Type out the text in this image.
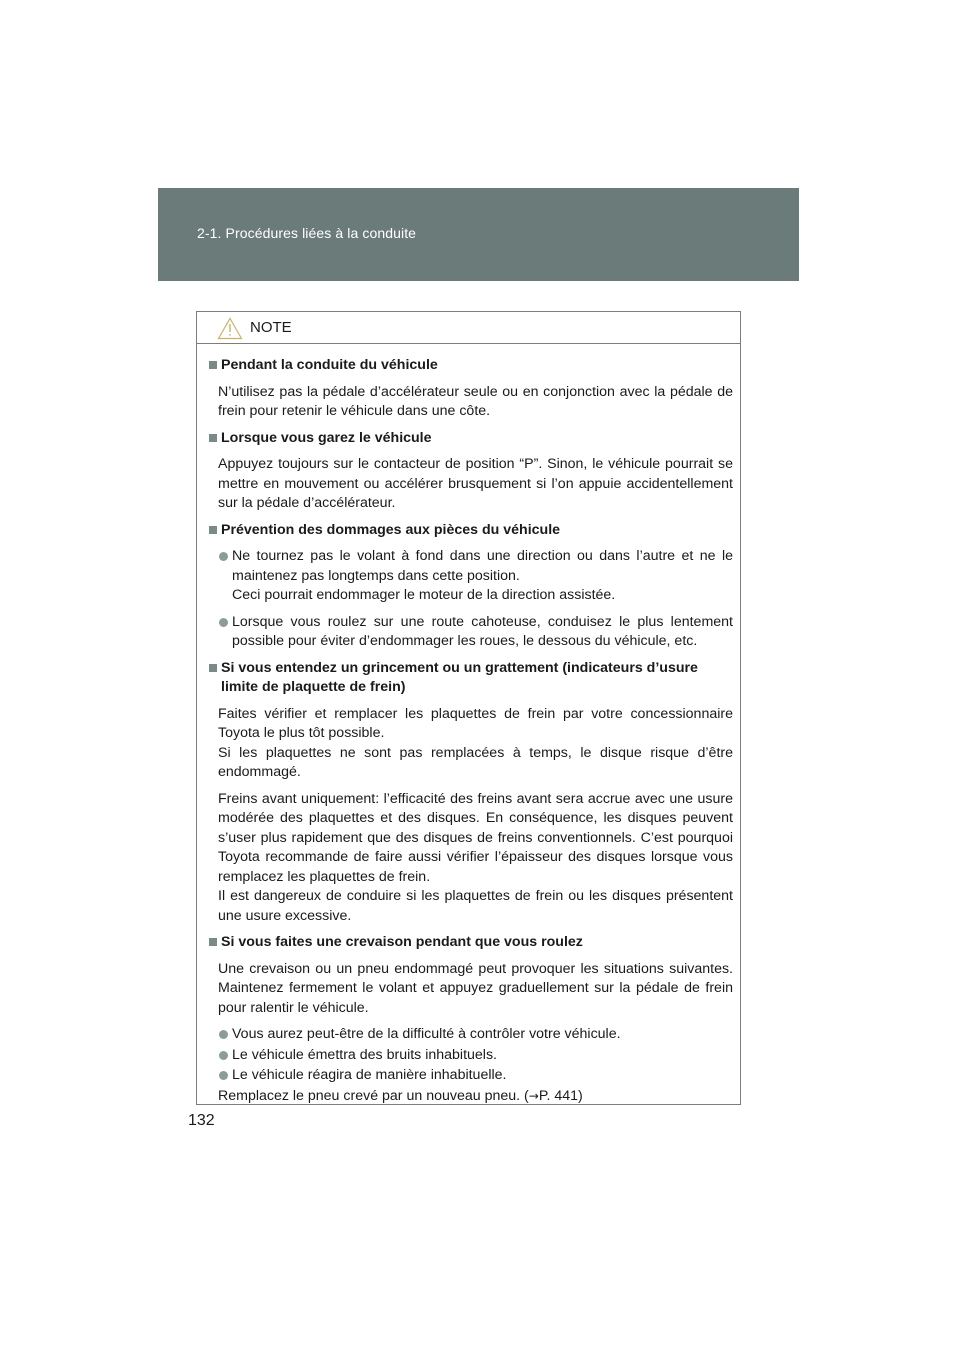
2-1. Procédures liées à la conduite
NOTE
Pendant la conduite du véhicule
N’utilisez pas la pédale d’accélérateur seule ou en conjonction avec la pédale de frein pour retenir le véhicule dans une côte.
Lorsque vous garez le véhicule
Appuyez toujours sur le contacteur de position “P”. Sinon, le véhicule pourrait se mettre en mouvement ou accélérer brusquement si l’on appuie accidentellement sur la pédale d’accélérateur.
Prévention des dommages aux pièces du véhicule
Ne tournez pas le volant à fond dans une direction ou dans l’autre et ne le maintenez pas longtemps dans cette position.
Ceci pourrait endommager le moteur de la direction assistée.
Lorsque vous roulez sur une route cahoteuse, conduisez le plus lentement possible pour éviter d’endommager les roues, le dessous du véhicule, etc.
Si vous entendez un grincement ou un grattement (indicateurs d’usure limite de plaquette de frein)
Faites vérifier et remplacer les plaquettes de frein par votre concessionnaire Toyota le plus tôt possible.
Si les plaquettes ne sont pas remplacées à temps, le disque risque d’être endommagé.
Freins avant uniquement: l’efficacité des freins avant sera accrue avec une usure modérée des plaquettes et des disques. En conséquence, les disques peuvent s’user plus rapidement que des disques de freins conventionnels. C’est pourquoi Toyota recommande de faire aussi vérifier l’épaisseur des disques lorsque vous remplacez les plaquettes de frein.
Il est dangereux de conduire si les plaquettes de frein ou les disques présentent une usure excessive.
Si vous faites une crevaison pendant que vous roulez
Une crevaison ou un pneu endommagé peut provoquer les situations suivantes. Maintenez fermement le volant et appuyez graduellement sur la pédale de frein pour ralentir le véhicule.
Vous aurez peut-être de la difficulté à contrôler votre véhicule.
Le véhicule émettra des bruits inhabituels.
Le véhicule réagira de manière inhabituelle.
Remplacez le pneu crevé par un nouveau pneu. (→P. 441)
132
